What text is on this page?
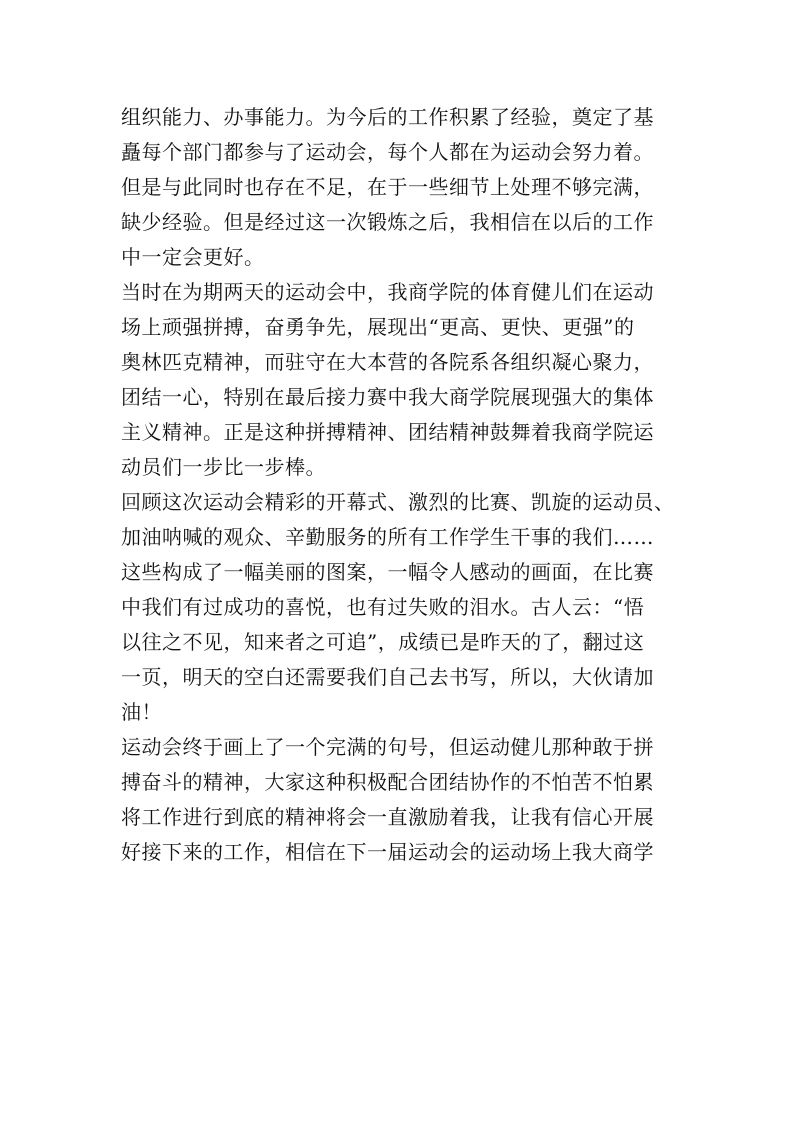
组织能力、办事能力。为今后的工作积累了经验，奠定了基
矗每个部门都参与了运动会，每个人都在为运动会努力着。
但是与此同时也存在不足，在于一些细节上处理不够完满，
缺少经验。但是经过这一次锻炼之后，我相信在以后的工作
中一定会更好。
当时在为期两天的运动会中，我商学院的体育健儿们在运动
场上顽强拼搏，奋勇争先，展现出“更高、更快、更强”的
奥林匹克精神，而驻守在大本营的各院系各组织凝心聚力，
团结一心，特别在最后接力赛中我大商学院展现强大的集体
主义精神。正是这种拼搏精神、团结精神鼓舞着我商学院运
动员们一步比一步棒。
回顾这次运动会精彩的开幕式、激烈的比赛、凯旋的运动员、
加油呐喊的观众、辛勤服务的所有工作学生干事的我们……
这些构成了一幅美丽的图案，一幅令人感动的画面，在比赛
中我们有过成功的喜悦，也有过失败的泪水。古人云：“悟
以往之不见，知来者之可追”，成绩已是昨天的了，翻过这
一页，明天的空白还需要我们自己去书写，所以，大伙请加
油！
运动会终于画上了一个完满的句号，但运动健儿那种敢于拼
搏奋斗的精神，大家这种积极配合团结协作的不怕苦不怕累
将工作进行到底的精神将会一直激励着我，让我有信心开展
好接下来的工作，相信在下一届运动会的运动场上我大商学
